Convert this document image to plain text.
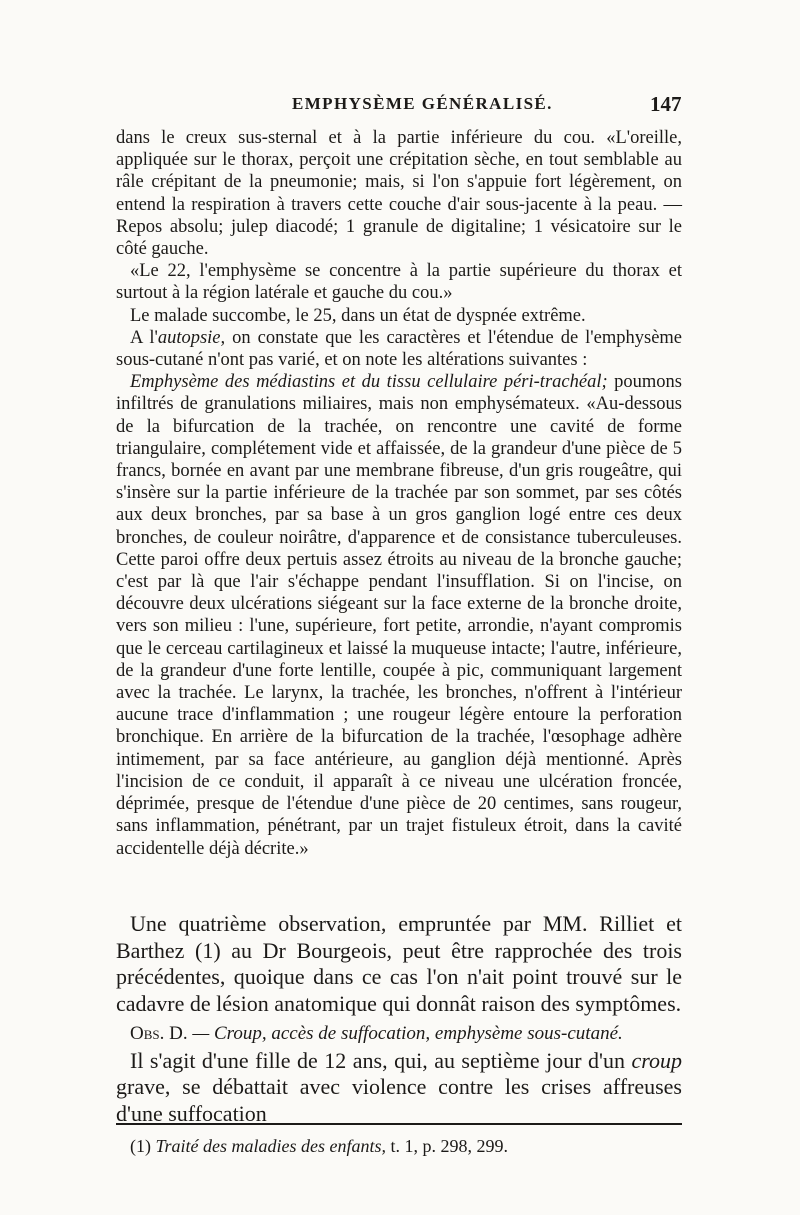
EMPHYSÈME GÉNÉRALISÉ.	147

dans le creux sus-sternal et à la partie inférieure du cou. «L'oreille, appliquée sur le thorax, perçoit une crépitation sèche, en tout semblable au râle crépitant de la pneumonie; mais, si l'on s'appuie fort légèrement, on entend la respiration à travers cette couche d'air sous-jacente à la peau. — Repos absolu; julep diacodé; 1 granule de digitaline; 1 vésicatoire sur le côté gauche.

«Le 22, l'emphysème se concentre à la partie supérieure du thorax et surtout à la région latérale et gauche du cou.»

Le malade succombe, le 25, dans un état de dyspnée extrême.

A l'autopsie, on constate que les caractères et l'étendue de l'emphysème sous-cutané n'ont pas varié, et on note les altérations suivantes :

Emphysème des médiastins et du tissu cellulaire péri-trachéal; poumons infiltrés de granulations miliaires, mais non emphysémateux. «Au-dessous de la bifurcation de la trachée, on rencontre une cavité de forme triangulaire, complétement vide et affaissée, de la grandeur d'une pièce de 5 francs, bornée en avant par une membrane fibreuse, d'un gris rougeâtre, qui s'insère sur la partie inférieure de la trachée par son sommet, par ses côtés aux deux bronches, par sa base à un gros ganglion logé entre ces deux bronches, de couleur noirâtre, d'apparence et de consistance tuberculeuses. Cette paroi offre deux pertuis assez étroits au niveau de la bronche gauche; c'est par là que l'air s'échappe pendant l'insufflation. Si on l'incise, on découvre deux ulcérations siégeant sur la face externe de la bronche droite, vers son milieu : l'une, supérieure, fort petite, arrondie, n'ayant compromis que le cerceau cartilagineux et laissé la muqueuse intacte; l'autre, inférieure, de la grandeur d'une forte lentille, coupée à pic, communiquant largement avec la trachée. Le larynx, la trachée, les bronches, n'offrent à l'intérieur aucune trace d'inflammation ; une rougeur légère entoure la perforation bronchique. En arrière de la bifurcation de la trachée, l'œsophage adhère intimement, par sa face antérieure, au ganglion déjà mentionné. Après l'incision de ce conduit, il apparaît à ce niveau une ulcération froncée, déprimée, presque de l'étendue d'une pièce de 20 centimes, sans rougeur, sans inflammation, pénétrant, par un trajet fistuleux étroit, dans la cavité accidentelle déjà décrite.»

Une quatrième observation, empruntée par MM. Rilliet et Barthez (1) au Dr Bourgeois, peut être rapprochée des trois précédentes, quoique dans ce cas l'on n'ait point trouvé sur le cadavre de lésion anatomique qui donnât raison des symptômes.

Obs. D. — Croup, accès de suffocation, emphysème sous-cutané.

Il s'agit d'une fille de 12 ans, qui, au septième jour d'un croup grave, se débattait avec violence contre les crises affreuses d'une suffocation

(1) Traité des maladies des enfants, t. 1, p. 298, 299.
